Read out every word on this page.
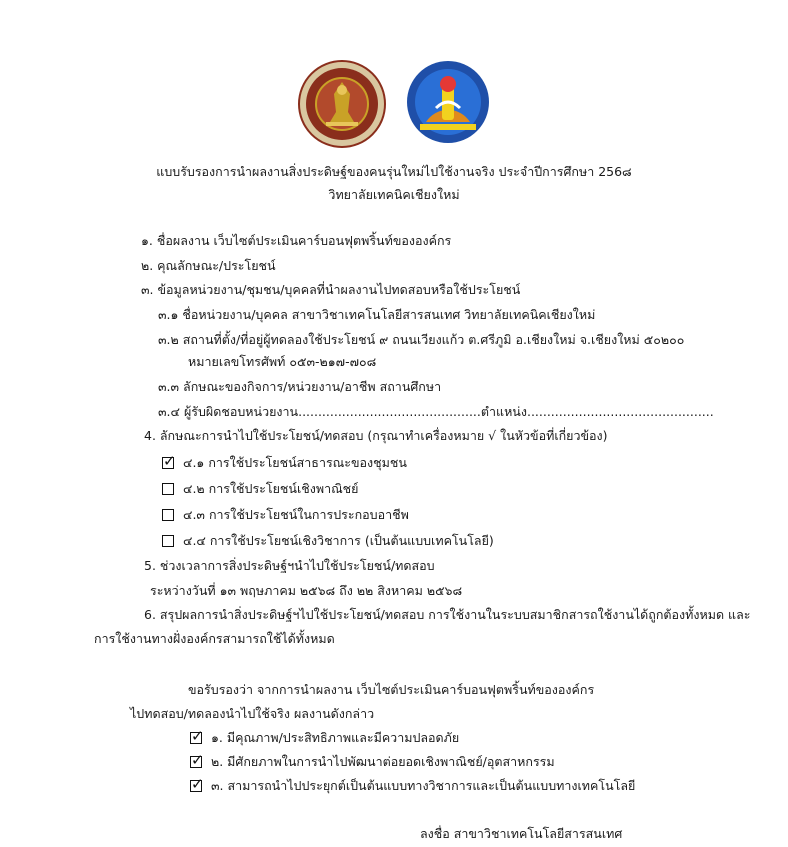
แบบรับรองการนำผลงานสิ่งประดิษฐ์ของคนรุ่นใหม่ไปใช้งานจริง ประจำปีการศึกษา 256๘
วิทยาลัยเทคนิคเชียงใหม่
๑. ชื่อผลงาน เว็บไซต์ประเมินคาร์บอนฟุตพริ้นท์ขององค์กร
๒. คุณลักษณะ/ประโยชน์
๓. ข้อมูลหน่วยงาน/ชุมชน/บุคคลที่นำผลงานไปทดสอบหรือใช้ประโยชน์
๓.๑ ชื่อหน่วยงาน/บุคคล สาขาวิชาเทคโนโลยีสารสนเทศ วิทยาลัยเทคนิคเชียงใหม่
๓.๒ สถานที่ตั้ง/ที่อยู่ผู้ทดลองใช้ประโยชน์ ๙ ถนนเวียงแก้ว ต.ศรีภูมิ อ.เชียงใหม่ จ.เชียงใหม่ ๕๐๒๐๐
หมายเลขโทรศัพท์ ๐๕๓-๒๑๗-๗๐๘
๓.๓ ลักษณะของกิจการ/หน่วยงาน/อาชีพ สถานศึกษา
๓.๔ ผู้รับผิดชอบหน่วยงาน..............................................ตำแหน่ง...............................................
4. ลักษณะการนำไปใช้ประโยชน์/ทดสอบ (กรุณาทำเครื่องหมาย √ ในหัวข้อที่เกี่ยวข้อง)
✓๔.๑ การใช้ประโยชน์สาธารณะของชุมชน
๔.๒ การใช้ประโยชน์เชิงพาณิชย์
๔.๓ การใช้ประโยชน์ในการประกอบอาชีพ
๔.๔ การใช้ประโยชน์เชิงวิชาการ (เป็นต้นแบบเทคโนโลยี)
5. ช่วงเวลาการสิ่งประดิษฐ์ฯนำไปใช้ประโยชน์/ทดสอบ
ระหว่างวันที่ ๑๓ พฤษภาคม ๒๕๖๘ ถึง ๒๒ สิงหาคม ๒๕๖๘
6. สรุปผลการนำสิ่งประดิษฐ์ฯไปใช้ประโยชน์/ทดสอบ การใช้งานในระบบสมาชิกสารถใช้งานได้ถูกต้องทั้งหมด และ
การใช้งานทางฝั่งองค์กรสามารถใช้ได้ทั้งหมด
ขอรับรองว่า จากการนำผลงาน เว็บไซต์ประเมินคาร์บอนฟุตพริ้นท์ขององค์กร
ไปทดสอบ/ทดลองนำไปใช้จริง ผลงานดังกล่าว
✓๑. มีคุณภาพ/ประสิทธิภาพและมีความปลอดภัย
✓๒. มีศักยภาพในการนำไปพัฒนาต่อยอดเชิงพาณิชย์/อุตสาหกรรม
✓๓. สามารถนำไปประยุกต์เป็นต้นแบบทางวิชาการและเป็นต้นแบบทางเทคโนโลยี
ลงชื่อ สาขาวิชาเทคโนโลยีสารสนเทศ
